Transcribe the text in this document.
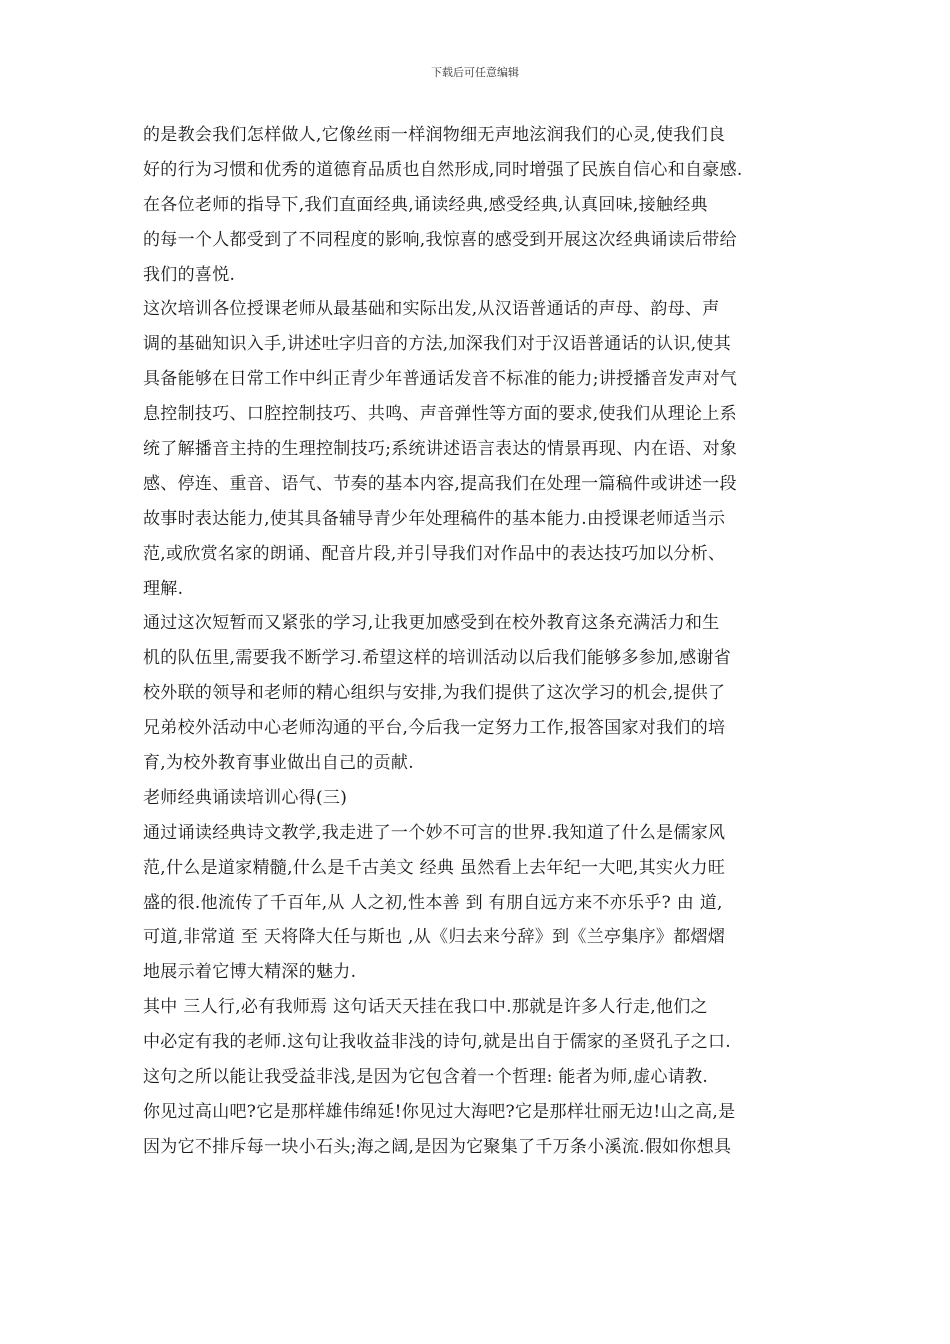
下载后可任意编辑
的是教会我们怎样做人,它像丝雨一样润物细无声地泫润我们的心灵,使我们良
好的行为习惯和优秀的道德育品质也自然形成,同时增强了民族自信心和自豪感.
在各位老师的指导下,我们直面经典,诵读经典,感受经典,认真回味,接触经典
的每一个人都受到了不同程度的影响,我惊喜的感受到开展这次经典诵读后带给
我们的喜悦.
这次培训各位授课老师从最基础和实际出发,从汉语普通话的声母、韵母、声
调的基础知识入手,讲述吐字归音的方法,加深我们对于汉语普通话的认识,使其
具备能够在日常工作中纠正青少年普通话发音不标准的能力;讲授播音发声对气
息控制技巧、口腔控制技巧、共鸣、声音弹性等方面的要求,使我们从理论上系
统了解播音主持的生理控制技巧;系统讲述语言表达的情景再现、内在语、对象
感、停连、重音、语气、节奏的基本内容,提高我们在处理一篇稿件或讲述一段
故事时表达能力,使其具备辅导青少年处理稿件的基本能力.由授课老师适当示
范,或欣赏名家的朗诵、配音片段,并引导我们对作品中的表达技巧加以分析、
理解.
通过这次短暂而又紧张的学习,让我更加感受到在校外教育这条充满活力和生
机的队伍里,需要我不断学习.希望这样的培训活动以后我们能够多参加,感谢省
校外联的领导和老师的精心组织与安排,为我们提供了这次学习的机会,提供了
兄弟校外活动中心老师沟通的平台,今后我一定努力工作,报答国家对我们的培
育,为校外教育事业做出自己的贡献.
老师经典诵读培训心得(三)
通过诵读经典诗文教学,我走进了一个妙不可言的世界.我知道了什么是儒家风
范,什么是道家精髓,什么是千古美文 经典 虽然看上去年纪一大吧,其实火力旺
盛的很.他流传了千百年,从 人之初,性本善 到 有朋自远方来不亦乐乎? 由 道,
可道,非常道 至 天将降大任与斯也 ,从《归去来兮辞》到《兰亭集序》都熠熠
地展示着它博大精深的魅力.
其中 三人行,必有我师焉 这句话天天挂在我口中.那就是许多人行走,他们之
中必定有我的老师.这句让我收益非浅的诗句,就是出自于儒家的圣贤孔子之口.
这句之所以能让我受益非浅,是因为它包含着一个哲理: 能者为师,虚心请教.
你见过高山吧?它是那样雄伟绵延!你见过大海吧?它是那样壮丽无边!山之高,是
因为它不排斥每一块小石头;海之阔,是因为它聚集了千万条小溪流.假如你想具
